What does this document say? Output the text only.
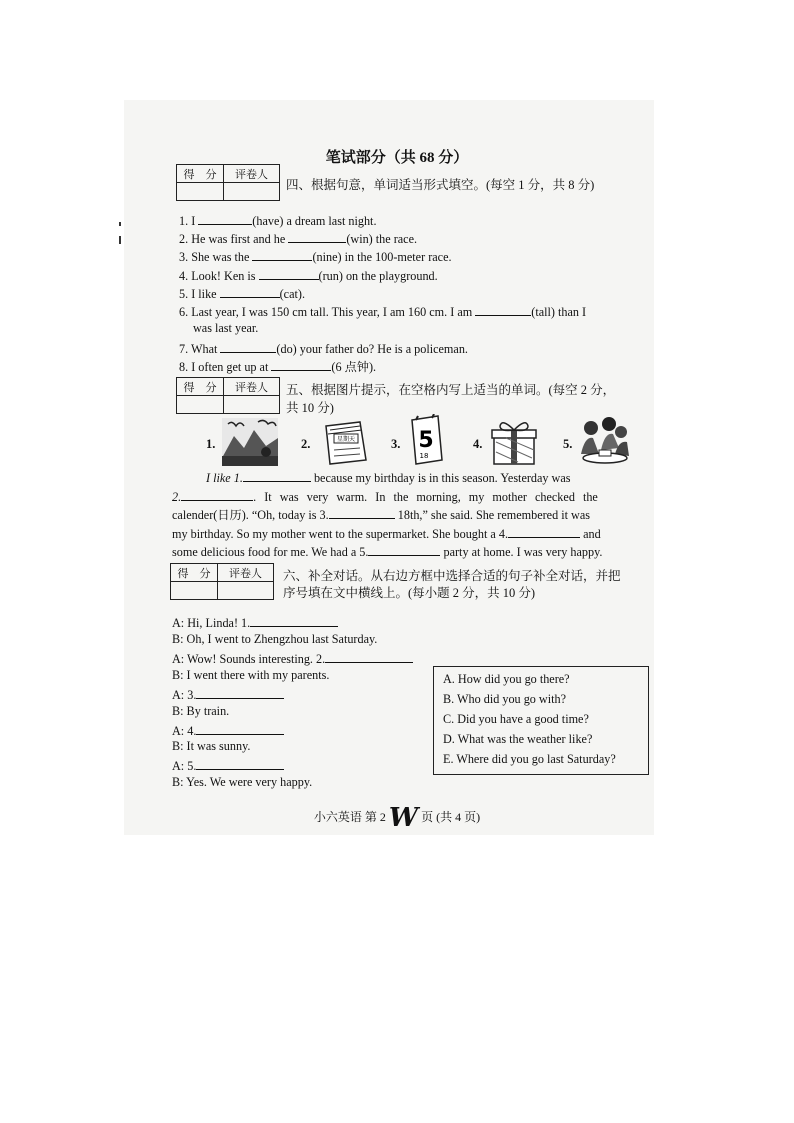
笔试部分（共 68 分）
得　分	评卷人

四、根据句意，单词适当形式填空。(每空 1 分，共 8 分)
1. I	(have) a dream last night.
2. He was first and he	(win) the race.
3. She was the	(nine) in the 100-meter race.
4. Look! Ken is	(run) on the playground.
5. I like	(cat).
6. Last year, I was 150 cm tall. This year, I am 160 cm. I am	(tall) than I
was last year.
7. What	(do) your father do? He is a policeman.
8. I often get up at	(6 点钟).
得　分	评卷人
	五、根据图片提示，在空格内写上适当的单词。(每空 2 分，
共 10 分)
1.	2.	星期天	3. 5
18
4.	5.

I like 1.	because my birthday is in this season. Yesterday was

2.	. It was very warm. In the morning, my mother checked the

calender(日历). “Oh, today is 3.	18th,” she said. She remembered it was

my birthday. So my mother went to the supermarket. She bought a 4.	and

some delicious food for me. We had a 5.	party at home. I was very happy.

得　分	评卷人
	六、补全对话。从右边方框中选择合适的句子补全对话，并把
序号填在文中横线上。(每小题 2 分，共 10 分)
A: Hi, Linda! 1.
B: Oh, I went to Zhengzhou last Saturday.
A: Wow! Sounds interesting. 2.
B: I went there with my parents.
A: 3.
B: By train.
A: 4.
B: It was sunny.
A: 5.
B: Yes. We were very happy.
A. How did you go there?
B. Who did you go with?
C. Did you have a good time?
D. What was the weather like?
E. Where did you go last Saturday?
小六英语 第 2 W 页 (共 4 页)
